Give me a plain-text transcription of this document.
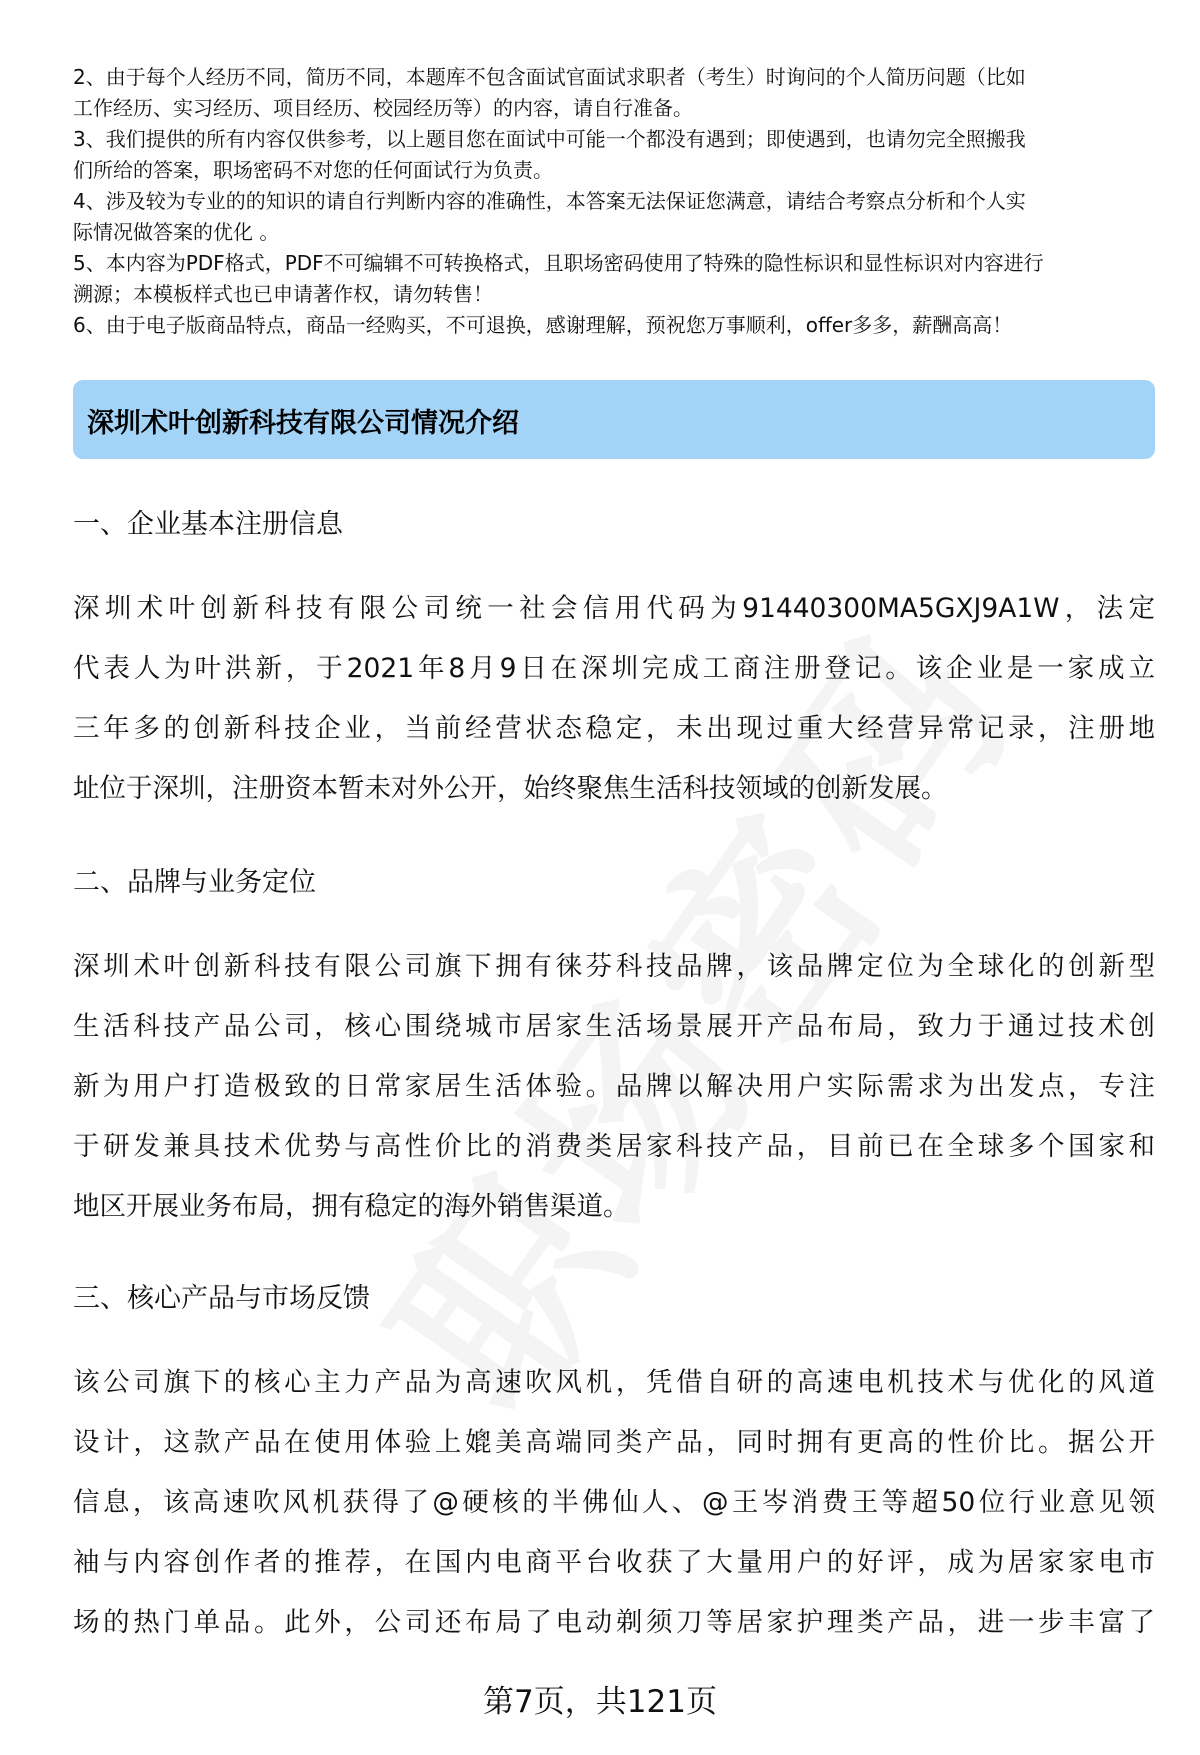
2、由于每个人经历不同，简历不同，本题库不包含面试官面试求职者（考生）时询问的个人简历问题（比如
工作经历、实习经历、项目经历、校园经历等）的内容，请自行准备。
3、我们提供的所有内容仅供参考，以上题目您在面试中可能一个都没有遇到；即使遇到，也请勿完全照搬我
们所给的答案，职场密码不对您的任何面试行为负责。
4、涉及较为专业的的知识的请自行判断内容的准确性，本答案无法保证您满意，请结合考察点分析和个人实
际情况做答案的优化 。
5、本内容为PDF格式，PDF不可编辑不可转换格式，且职场密码使用了特殊的隐性标识和显性标识对内容进行
溯源；本模板样式也已申请著作权，请勿转售！
6、由于电子版商品特点，商品一经购买，不可退换，感谢理解，预祝您万事顺利，offer多多，薪酬高高！
深圳术叶创新科技有限公司情况介绍
一、企业基本注册信息
深圳术叶创新科技有限公司统一社会信用代码为91440300MA5GXJ9A1W，法定
代表人为叶洪新，于2021年8月9日在深圳完成工商注册登记。该企业是一家成立
三年多的创新科技企业，当前经营状态稳定，未出现过重大经营异常记录，注册地
址位于深圳，注册资本暂未对外公开，始终聚焦生活科技领域的创新发展。
二、品牌与业务定位
深圳术叶创新科技有限公司旗下拥有徕芬科技品牌，该品牌定位为全球化的创新型
生活科技产品公司，核心围绕城市居家生活场景展开产品布局，致力于通过技术创
新为用户打造极致的日常家居生活体验。品牌以解决用户实际需求为出发点，专注
于研发兼具技术优势与高性价比的消费类居家科技产品，目前已在全球多个国家和
地区开展业务布局，拥有稳定的海外销售渠道。
三、核心产品与市场反馈
该公司旗下的核心主力产品为高速吹风机，凭借自研的高速电机技术与优化的风道
设计，这款产品在使用体验上媲美高端同类产品，同时拥有更高的性价比。据公开
信息，该高速吹风机获得了@硬核的半佛仙人、@王岑消费王等超50位行业意见领
袖与内容创作者的推荐，在国内电商平台收获了大量用户的好评，成为居家家电市
场的热门单品。此外，公司还布局了电动剃须刀等居家护理类产品，进一步丰富了
第7页，共121页
